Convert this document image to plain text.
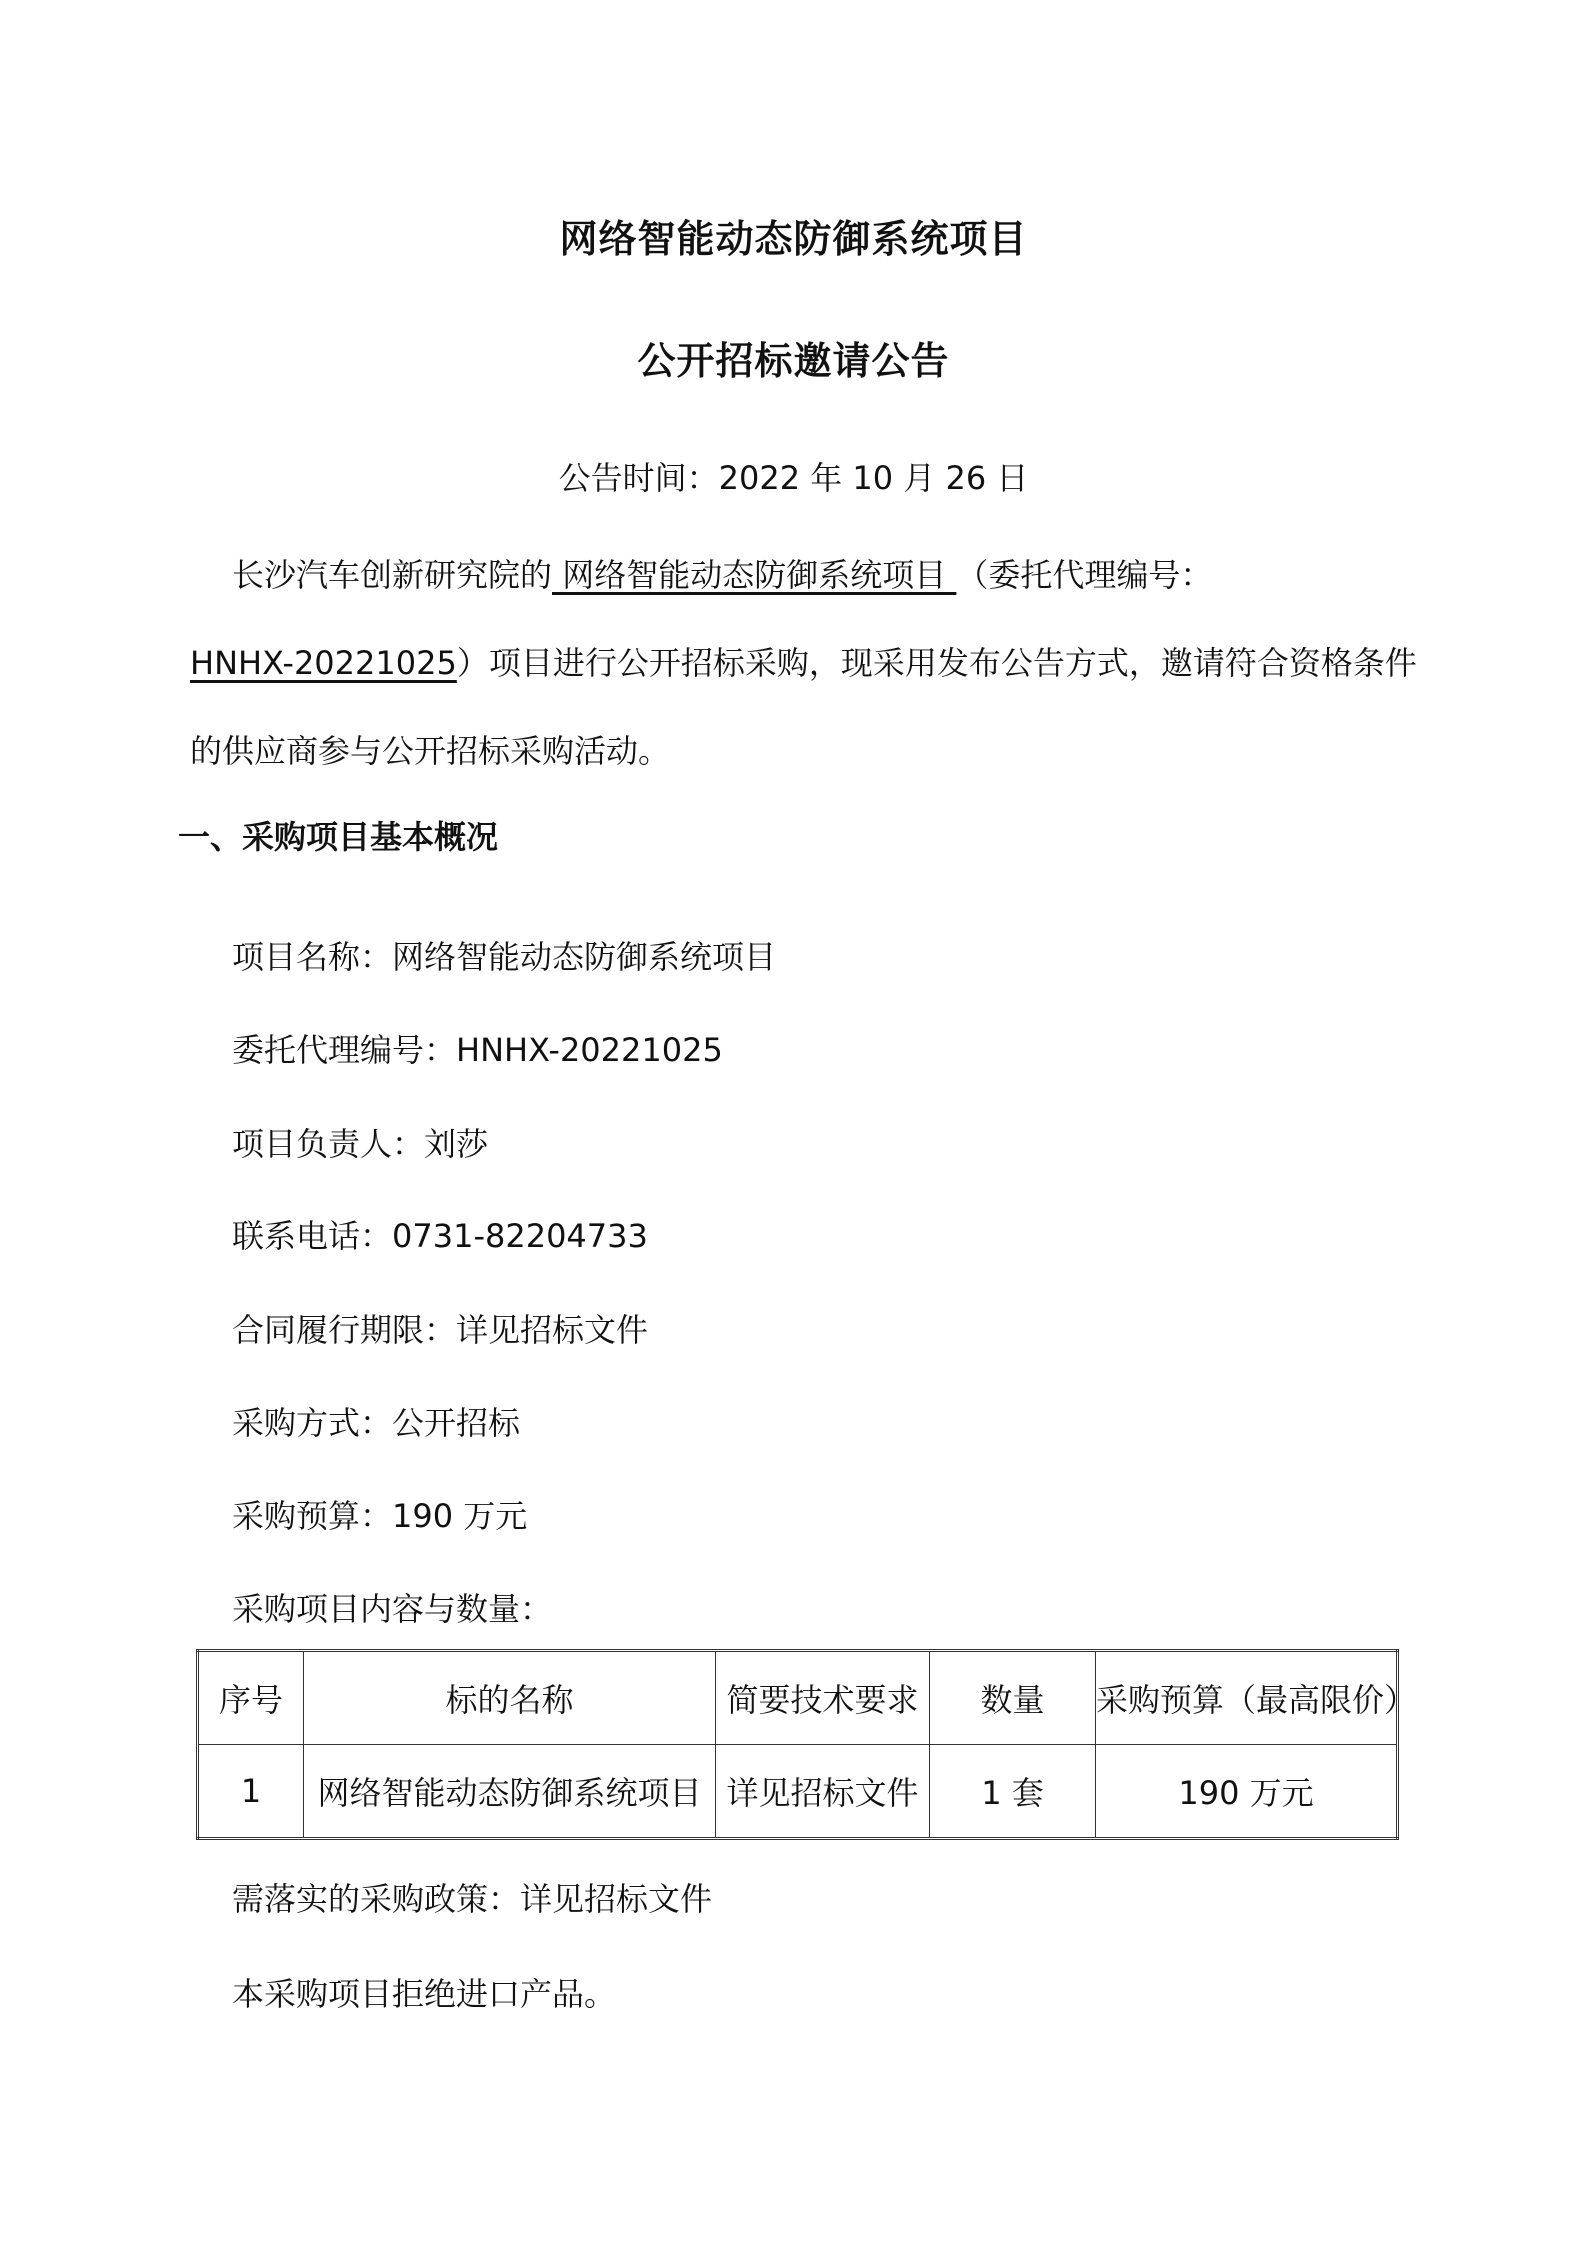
网络智能动态防御系统项目
公开招标邀请公告
公告时间：2022 年 10 月 26 日
长沙汽车创新研究院的 网络智能动态防御系统项目 （委托代理编号：
HNHX-20221025）项目进行公开招标采购，现采用发布公告方式，邀请符合资格条件
的供应商参与公开招标采购活动。
一、采购项目基本概况
项目名称：网络智能动态防御系统项目
委托代理编号：HNHX-20221025
项目负责人：刘莎
联系电话：0731-82204733
合同履行期限：详见招标文件
采购方式：公开招标
采购预算：190 万元
采购项目内容与数量：
序号	标的名称	简要技术要求	数量	采购预算（最高限价）
1	网络智能动态防御系统项目	详见招标文件	1 套	190 万元
需落实的采购政策：详见招标文件
本采购项目拒绝进口产品。
